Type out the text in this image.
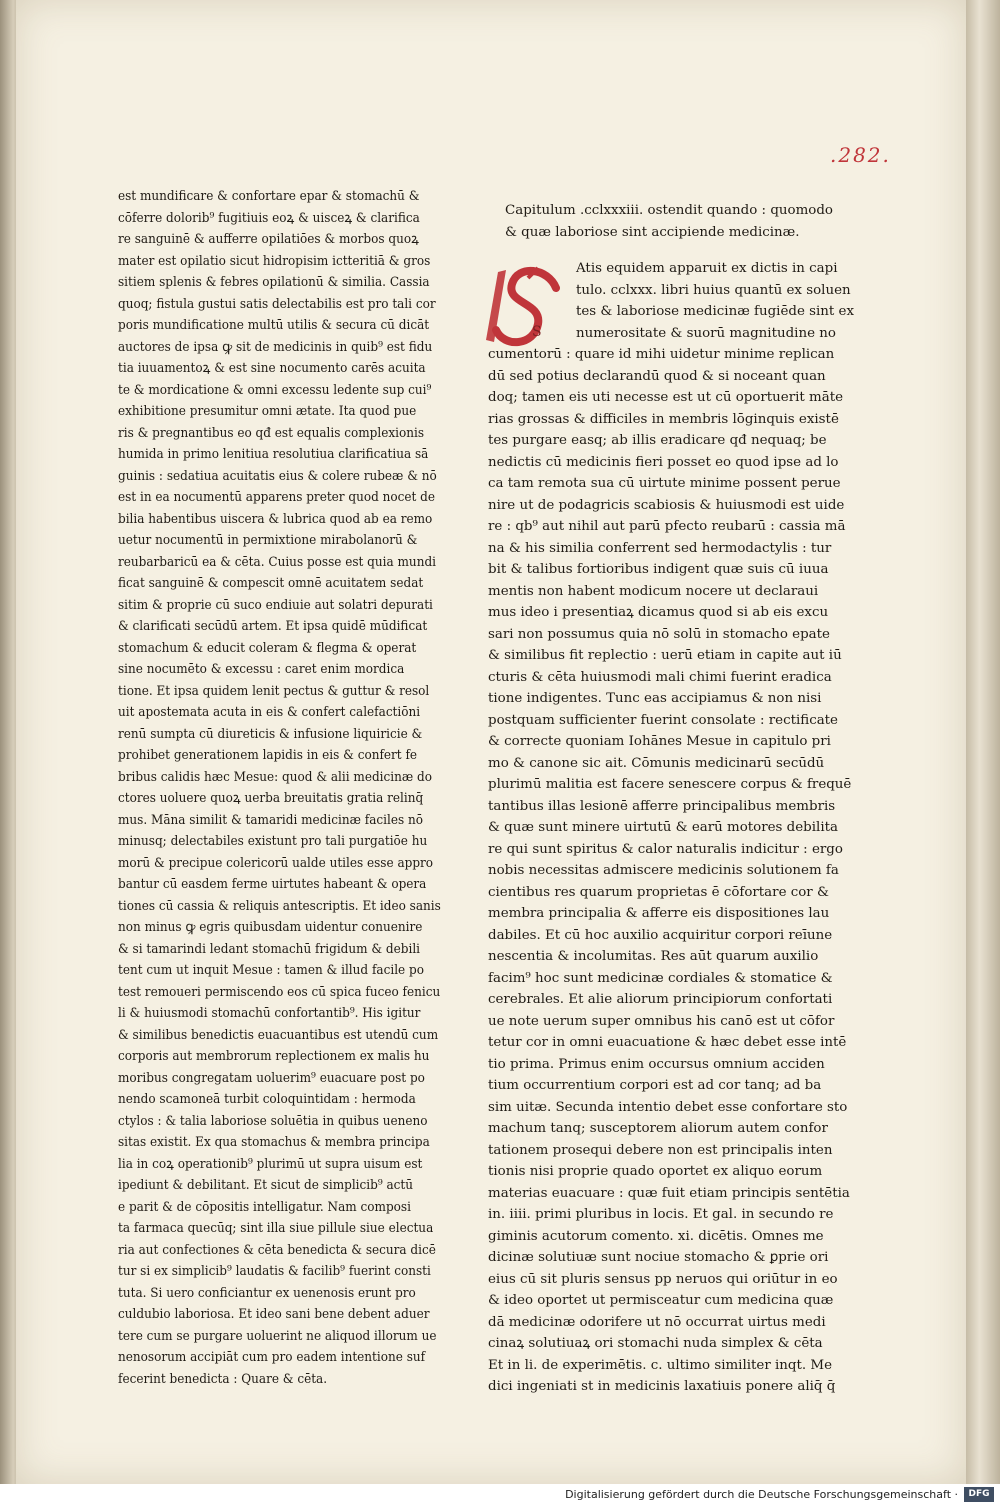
.282.
est mundificare & confortare epar & stomachū &
cōferre dolorib⁹ fugitiuis eoꝝ & uisceꝝ & clarifica
re sanguinē & aufferre opilatiōes & morbos quoꝝ
mater est opilatio sicut hidropisim ictteritiā & gros
sitiem splenis & febres opilationū & similia. Cassia
quoq; fistula gustui satis delectabilis est pro tali cor
poris mundificatione multū utilis & secura cū dicāt
auctores de ipsa ꝙ sit de medicinis in quib⁹ est fidu
tia iuuamentoꝝ & est sine nocumento carēs acuita
te & mordicatione & omni excessu ledente sup cui⁹
exhibitione presumitur omni ætate. Ita quod pue
ris & pregnantibus eo qđ est equalis complexionis
humida in primo lenitiua resolutiua clarificatiua sā
guinis : sedatiua acuitatis eius & colere rubeæ & nō
est in ea nocumentū apparens preter quod nocet de
bilia habentibus uiscera & lubrica quod ab ea remo
uetur nocumentū in permixtione mirabolanorū &
reubarbaricū ea & cēta. Cuius posse est quia mundi
ficat sanguinē & compescit omnē acuitatem sedat
sitim & proprie cū suco endiuie aut solatri depurati
& clarificati secūdū artem. Et ipsa quidē mūdificat
stomachum & educit coleram & flegma & operat
sine nocumēto & excessu : caret enim mordica
tione. Et ipsa quidem lenit pectus & guttur & resol
uit apostemata acuta in eis & confert calefactiōni
renū sumpta cū diureticis & infusione liquiricie &
prohibet generationem lapidis in eis & confert fe
bribus calidis hæc Mesue: quod & alii medicinæ do
ctores uoluere quoꝝ uerba breuitatis gratia relinq̄
mus. Māna similit & tamaridi medicinæ faciles nō
minusq; delectabiles existunt pro tali purgatiōe hu
morū & precipue colericorū ualde utiles esse appro
bantur cū easdem ferme uirtutes habeant & opera
tiones cū cassia & reliquis antescriptis. Et ideo sanis
non minus ꝙ egris quibusdam uidentur conuenire
& si tamarindi ledant stomachū frigidum & debili
tent cum ut inquit Mesue : tamen & illud facile po
test remoueri permiscendo eos cū spica fuceo fenicu
li & huiusmodi stomachū confortantib⁹. His igitur
& similibus benedictis euacuantibus est utendū cum
corporis aut membrorum replectionem ex malis hu
moribus congregatam uoluerim⁹ euacuare post po
nendo scamoneā turbit coloquintidam : hermoda
ctylos : & talia laboriose soluētia in quibus ueneno
sitas existit. Ex qua stomachus & membra principa
lia in coꝝ operationib⁹ plurimū ut supra uisum est
ipediunt & debilitant. Et sicut de simplicib⁹ actū
e parit & de cōpositis intelligatur. Nam composi
ta farmaca quecūq; sint illa siue pillule siue electua
ria aut confectiones & cēta benedicta & secura dicē
tur si ex simplicib⁹ laudatis & facilib⁹ fuerint consti
tuta. Si uero conficiantur ex uenenosis erunt pro
culdubio laboriosa. Et ideo sani bene debent aduer
tere cum se purgare uoluerint ne aliquod illorum ue
nenosorum accipiāt cum pro eadem intentione suf
fecerint benedicta : Quare & cēta.
Capitulum .cclxxxiii. ostendit quando : quomodo
& quæ laboriose sint accipiende medicinæ.
S
Atis equidem apparuit ex dictis in capi
tulo. cclxxx. libri huius quantū ex soluen
tes & laboriose medicinæ fugiēde sint ex
numerositate & suorū magnitudine no
cumentorū : quare id mihi uidetur minime replican
dū sed potius declarandū quod & si noceant quan
doq; tamen eis uti necesse est ut cū oportuerit māte
rias grossas & difficiles in membris lōginquis existē
tes purgare easq; ab illis eradicare qđ nequaq; be
nedictis cū medicinis fieri posset eo quod ipse ad lo
ca tam remota sua cū uirtute minime possent perue
nire ut de podagricis scabiosis & huiusmodi est uide
re : qb⁹ aut nihil aut parū pfecto reubarū : cassia mā
na & his similia conferrent sed hermodactylis : tur
bit & talibus fortioribus indigent quæ suis cū iuua
mentis non habent modicum nocere ut declaraui
mus ideo i presentiaꝝ dicamus quod si ab eis excu
sari non possumus quia nō solū in stomacho epate
& similibus fit replectio : uerū etiam in capite aut iū
cturis & cēta huiusmodi mali chimi fuerint eradica
tione indigentes. Tunc eas accipiamus & non nisi
postquam sufficienter fuerint consolate : rectificate
& correcte quoniam Iohānes Mesue in capitulo pri
mo & canone sic ait. Cōmunis medicinarū secūdū
plurimū malitia est facere senescere corpus & frequē
tantibus illas lesionē afferre principalibus membris
& quæ sunt minere uirtutū & earū motores debilita
re qui sunt spiritus & calor naturalis indicitur : ergo
nobis necessitas admiscere medicinis solutionem fa
cientibus res quarum proprietas ē cōfortare cor &
membra principalia & afferre eis dispositiones lau
dabiles. Et cū hoc auxilio acquiritur corpori reīune
nescentia & incolumitas. Res aūt quarum auxilio
facim⁹ hoc sunt medicinæ cordiales & stomatice &
cerebrales. Et alie aliorum principiorum confortati
ue note uerum super omnibus his canō est ut cōfor
tetur cor in omni euacuatione & hæc debet esse intē
tio prima. Primus enim occursus omnium acciden
tium occurrentium corpori est ad cor tanq; ad ba
sim uitæ. Secunda intentio debet esse confortare sto
machum tanq; susceptorem aliorum autem confor
tationem prosequi debere non est principalis inten
tionis nisi proprie quado oportet ex aliquo eorum
materias euacuare : quæ fuit etiam principis sentētia
in. iiii. primi pluribus in locis. Et gal. in secundo re
giminis acutorum comento. xi. dicētis. Omnes me
dicinæ solutiuæ sunt nociue stomacho & ꝑprie ori
eius cū sit pluris sensus pp neruos qui oriūtur in eo
& ideo oportet ut permisceatur cum medicina quæ
dā medicinæ odorifere ut nō occurrat uirtus medi
cinaꝝ solutiuaꝝ ori stomachi nuda simplex & cēta
Et in li. de experimētis. c. ultimo similiter inqt. Me
dici ingeniati st in medicinis laxatiuis ponere aliq̄ q̄
Digitalisierung gefördert durch die Deutsche Forschungsgemeinschaft ·	DFG
